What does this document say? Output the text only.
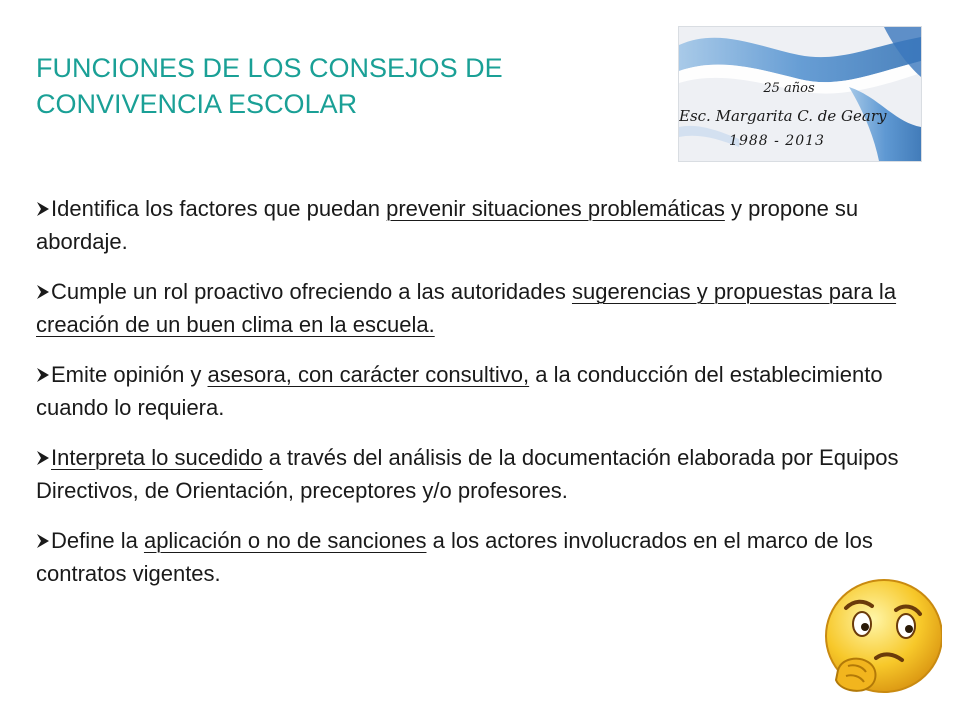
FUNCIONES DE LOS CONSEJOS DE
CONVIVENCIA ESCOLAR
25 años
Esc. Margarita C. de Geary
1988 - 2013
Identifica los factores que puedan prevenir situaciones problemáticas y propone su abordaje.
Cumple un rol proactivo ofreciendo a las autoridades sugerencias y propuestas para la creación de un buen clima en la escuela.
Emite opinión y asesora, con carácter consultivo, a la conducción del establecimiento cuando lo requiera.
Interpreta lo sucedido a través del análisis de la documentación elaborada por Equipos Directivos, de Orientación, preceptores y/o profesores.
Define la aplicación o no de sanciones a los actores involucrados en el marco de los contratos vigentes.
